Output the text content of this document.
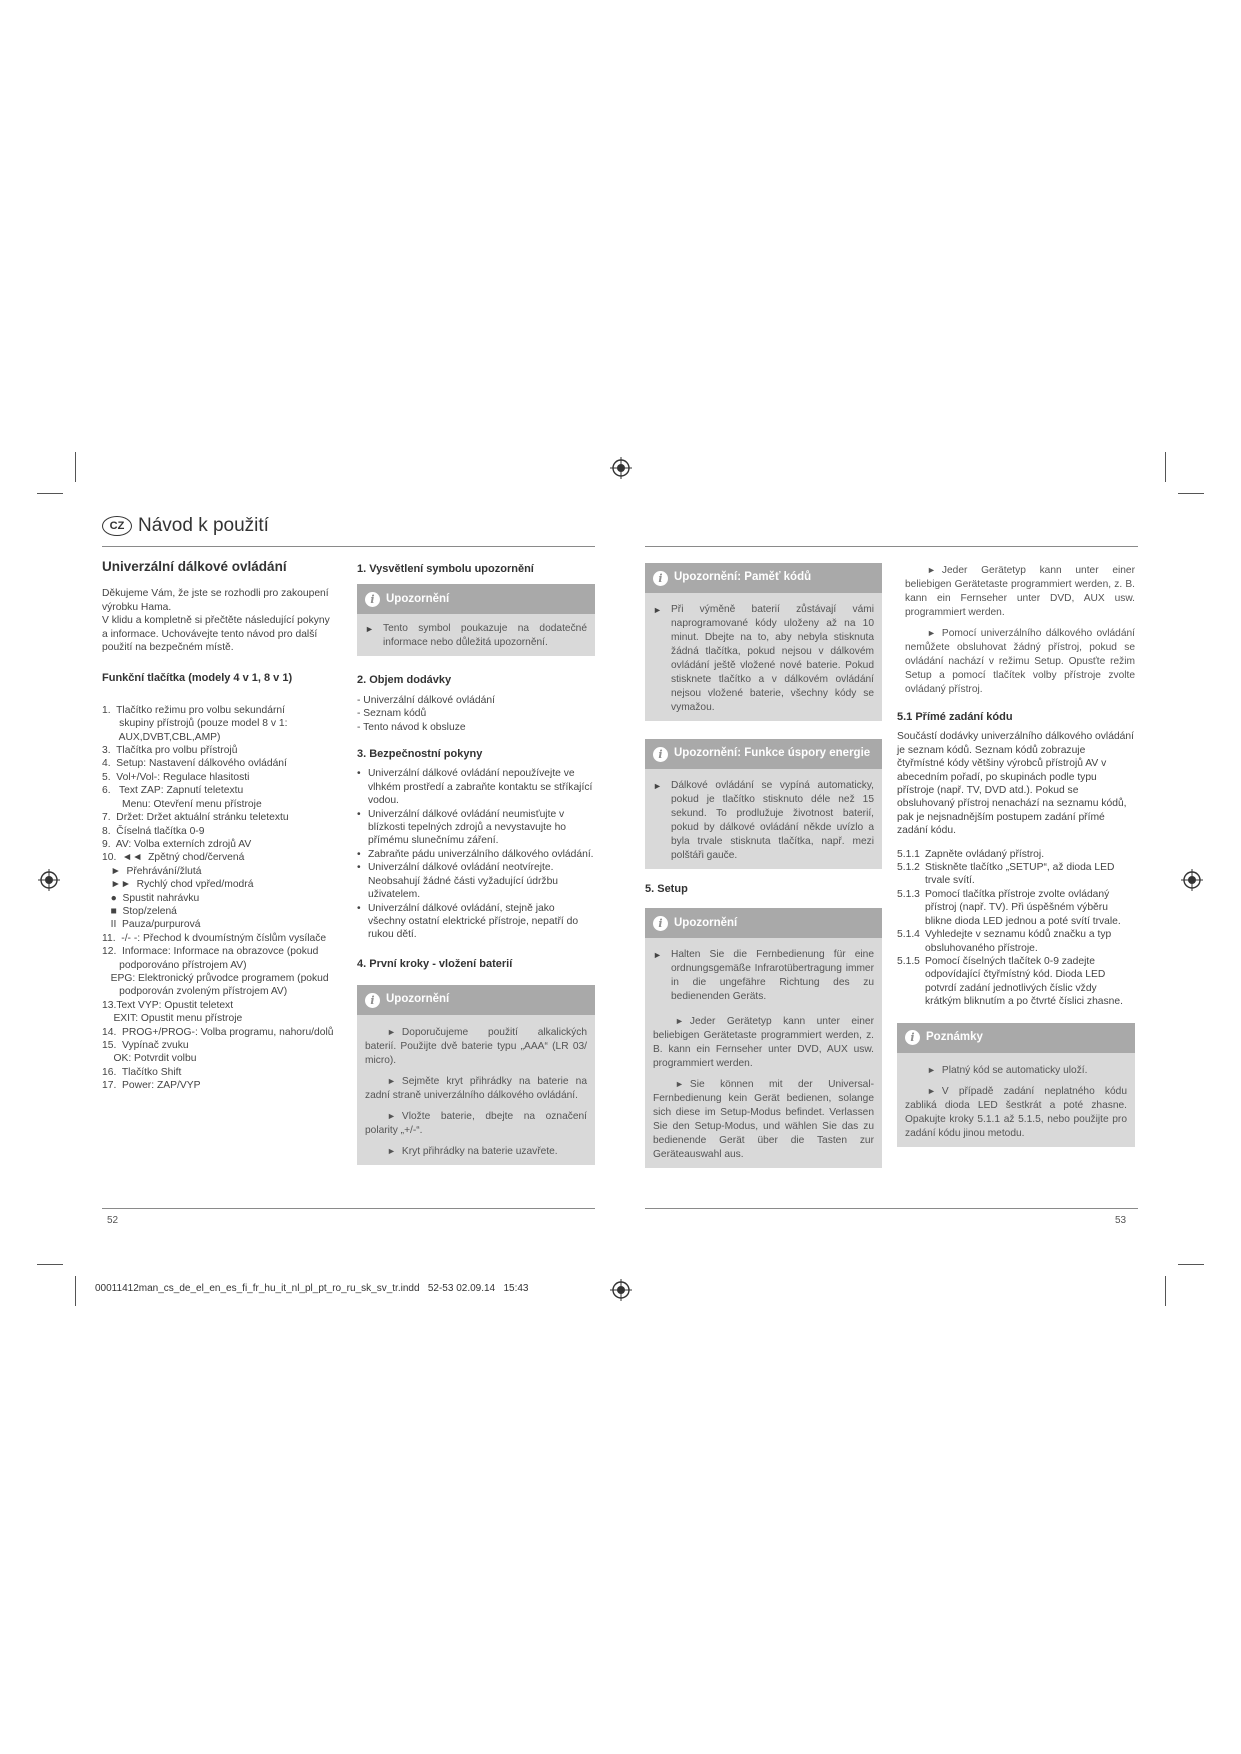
CZ Návod k použití
Univerzální dálkové ovládání

Děkujeme Vám, že jste se rozhodli pro zakoupení

výrobku Hama.

V klidu a kompletně si přečtěte následující pokyny

a informace. Uchovávejte tento návod pro další

použití na bezpečném místě.

Funkční tlačítka (modely 4 v 1, 8 v 1)
1.  Tlačítko režimu pro volbu sekundární
skupiny přístrojů (pouze model 8 v 1:
AUX,DVBT,CBL,AMP)
3.  Tlačítka pro volbu přístrojů
4.  Setup: Nastavení dálkového ovládání
5.  Vol+/Vol-: Regulace hlasitosti
6.   Text ZAP: Zapnutí teletextu
Menu: Otevření menu přístroje
7.  Držet: Držet aktuální stránku teletextu
8.  Číselná tlačítka 0-9
9.  AV: Volba externích zdrojů AV
10.  ◄◄  Zpětný chod/červená
►  Přehrávání/žlutá
►►  Rychlý chod vpřed/modrá
●  Spustit nahrávku
■  Stop/zelená
II  Pauza/purpurová
11.  -/- -: Přechod k dvoumístným číslům vysílače
12.  Informace: Informace na obrazovce (pokud
podporováno přístrojem AV)
EPG: Elektronický průvodce programem (pokud
podporován zvoleným přístrojem AV)
13.Text VYP: Opustit teletext
EXIT: Opustit menu přístroje
14.  PROG+/PROG-: Volba programu, nahoru/dolů
15.  Vypínač zvuku
OK: Potvrdit volbu
16.  Tlačítko Shift
17.  Power: ZAP/VYP
1. Vysvětlení symbolu upozornění
i Upozornění
► Tento symbol poukazuje na dodatečné informace nebo důležitá upozornění.
2. Objem dodávky

- Univerzální dálkové ovládání

- Seznam kódů

- Tento návod k obsluze

3. Bezpečnostní pokyny
• Univerzální dálkové ovládání nepoužívejte ve vlhkém prostředí a zabraňte kontaktu se stříkající vodou.
• Univerzální dálkové ovládání neumisťujte v blízkosti tepelných zdrojů a nevystavujte ho přímému slunečnímu záření.
• Zabraňte pádu univerzálního dálkového ovládání.
• Univerzální dálkové ovládání neotvírejte. Neobsahují žádné části vyžadující údržbu uživatelem.
• Univerzální dálkové ovládání, stejně jako všechny ostatní elektrické přístroje, nepatří do rukou dětí.
4. První kroky - vložení baterií
i Upozornění
► Doporučujeme použití alkalických baterií. Použijte dvě baterie typu „AAA“ (LR 03/ micro).
► Sejměte kryt přihrádky na baterie na zadní straně univerzálního dálkového ovládání.
► Vložte baterie, dbejte na označení polarity „+/-“.
► Kryt přihrádky na baterie uzavřete.
i Upozornění: Paměť kódů
► Při výměně baterií zůstávají vámi naprogramované kódy uloženy až na 10 minut. Dbejte na to, aby nebyla stisknuta žádná tlačítka, pokud nejsou v dálkovém ovládání ještě vložené nové baterie. Pokud stisknete tlačítko a v dálkovém ovládání nejsou vložené baterie, všechny kódy se vymažou.
i Upozornění: Funkce úspory energie
► Dálkové ovládání se vypíná automaticky, pokud je tlačítko stisknuto déle než 15 sekund. To prodlužuje životnost baterií, pokud by dálkové ovládání někde uvízlo a byla trvale stisknuta tlačítka, např. mezi polštáři gauče.
5. Setup
i Upozornění
► Halten Sie die Fernbedienung für eine ordnungsgemäße Infrarotübertragung immer in die ungefähre Richtung des zu bedienenden Geräts.
► Jeder Gerätetyp kann unter einer beliebigen Gerätetaste programmiert werden, z. B. kann ein Fernseher unter DVD, AUX usw. programmiert werden.
► Sie können mit der Universal-Fernbedienung kein Gerät bedienen, solange sich diese im Setup-Modus befindet. Verlassen Sie den Setup-Modus, und wählen Sie das zu bedienende Gerät über die Tasten zur Geräteauswahl aus.
► Jeder Gerätetyp kann unter einer beliebigen Gerätetaste programmiert werden, z. B. kann ein Fernseher unter DVD, AUX usw. programmiert werden.
► Pomocí univerzálního dálkového ovládání nemůžete obsluhovat žádný přístroj, pokud se ovládání nachází v režimu Setup. Opusťte režim Setup a pomocí tlačítek volby přístroje zvolte ovládaný přístroj.
5.1 Přímé zadání kódu

Součástí dodávky univerzálního dálkového ovládání je seznam kódů. Seznam kódů zobrazuje čtyřmístné kódy většiny výrobců přístrojů AV v abecedním pořadí, po skupinách podle typu přístroje (např. TV, DVD atd.). Pokud se obsluhovaný přístroj nenachází na seznamu kódů, pak je nejsnadnějším postupem zadání přímé zadání kódu.

5.1.1 Zapněte ovládaný přístroj.
5.1.2 Stiskněte tlačítko „SETUP“, až dioda LED trvale svítí.
5.1.3 Pomocí tlačítka přístroje zvolte ovládaný přístroj (např. TV). Při úspěšném výběru blikne dioda LED jednou a poté svítí trvale.
5.1.4 Vyhledejte v seznamu kódů značku a typ obsluhovaného přístroje.
5.1.5 Pomocí číselných tlačítek 0-9 zadejte odpovídající čtyřmístný kód. Dioda LED potvrdí zadání jednotlivých číslic vždy krátkým bliknutím a po čtvrté číslici zhasne.
i Poznámky
► Platný kód se automaticky uloží.
► V případě zadání neplatného kódu zabliká dioda LED šestkrát a poté zhasne. Opakujte kroky 5.1.1 až 5.1.5, nebo použijte pro zadání kódu jinou metodu.
52	53
00011412man_cs_de_el_en_es_fi_fr_hu_it_nl_pl_pt_ro_ru_sk_sv_tr.indd   52-53 02.09.14   15:43
